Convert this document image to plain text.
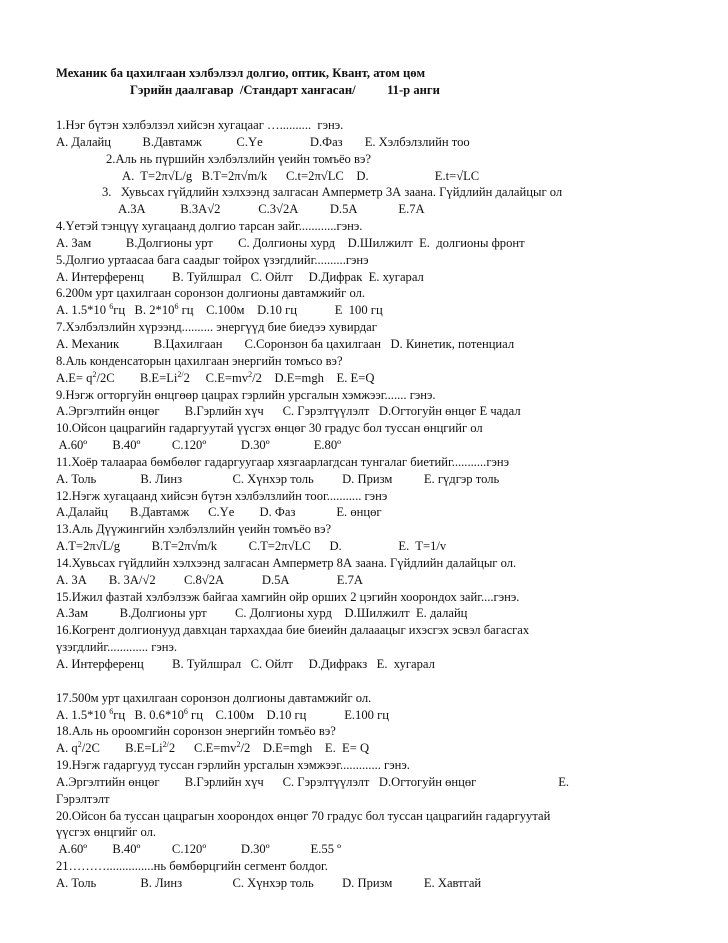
Механик ба цахилгаан хэлбэлзэл долгио, оптик, Квант, атом цөм
Гэрийн даалгавар  /Стандарт хангасан/          11-р анги
1.Нэг бүтэн хэлбэлзэл хийсэн хугацааг …..........  гэнэ.
А. Далайц          В.Давтамж           С.Үе               D.Фаз       Е. Хэлбэлзлийн тоо
2.Аль нь пүршийн хэлбэлзлийн үеийн томъёо вэ?
A.  T=2π√L/g   B.T=2π√m/k      C.t=2π√LC    D.                     E.t=√LC
3.   Хувьсах гүйдлийн хэлхээнд залгасан Амперметр 3А заана. Гүйдлийн далайцыг ол
А.3А           В.3А√2            С.3√2А          D.5А             Е.7А
4.Үетэй тэнцүү хугацаанд долгио тарсан зайг............гэнэ.
А. Зам           В.Долгионы урт        С. Долгионы хурд    D.Шилжилт  Е.  долгионы фронт
5.Долгио уртаасаа бага саадыг тойрох үзэгдлийг..........гэнэ
А. Интерференц         В. Туйлшрал   С. Ойлт     D.Дифрак  Е. хугарал
6.200м урт цахилгаан соронзон долгионы давтамжийг ол.
А. 1.5*10 $^6$гц   В. $2*10^6$ гц    С.100м    D.10 гц            Е  100 гц
7.Хэлбэлзлийн хүрээнд.......... энергүүд бие биедээ хувирдаг
А. Механик           В.Цахилгаан       С.Соронзон ба цахилгаан   D. Кинетик, потенциал
8.Аль конденсаторын цахилгаан энергийн томъсо вэ?
$A.E= q^2/2C$        $B.E=Li^{2/}2$     $C.E=mv^2/2$    D.E=mgh    E. E=Q
9.Нэгж огторгуйн өнцгөөр цацрах гэрлийн урсгалын хэмжээг....... гэнэ.
А.Эргэлтийн өнцөг        В.Гэрлийн хүч      С. Гэрэлтүүлэлт   D.Огтогуйн өнцөг Е чадал
10.Ойсон цацрагийн гадаргуутай үүсгэх өнцөг 30 градус бол туссан өнцгийг ол
A.60º        B.40º          C.120º           D.30º              E.80º
11.Хоёр талаараа бөмбөлөг гадаргуугаар хязгаарлагдсан тунгалаг биетийг...........гэнэ
А. Толь              В. Линз                С. Хүнхэр толь         D. Призм          Е. гүдгэр толь
12.Нэгж хугацаанд хийсэн бүтэн хэлбэлзлийн тоог........... гэнэ
А.Далайц       В.Давтамж      С.Үе        D. Фаз             Е. өнцөг
13.Аль Дүүжингийн хэлбэлзлийн үеийн томъёо вэ?
A.T=2π√L/g          B.T=2π√m/k          C.T=2π√LC      D.                  E.  T=1/v
14.Хувьсах гүйдлийн хэлхээнд залгасан Амперметр 8А заана. Гүйдлийн далайцыг ол.
А. 3А       В. 3А/√2         С.8√2А            D.5А               Е.7А
15.Ижил фазтай хэлбэлзэж байгаа хамгийн ойр орших 2 цэгийн хоорондох зайг....гэнэ.
А.Зам          В.Долгионы урт         С. Долгионы хурд    D.Шилжилт  Е. далайц
16.Когрент долгионууд давхцан тархахдаа бие биеийн далааацыг ихэсгэх эсвэл багасгах
үзэгдлийг............. гэнэ.
А. Интерференц         В. Туйлшрал   С. Ойлт     D.Дифракз   Е.  хугарал
17.500м урт цахилгаан соронзон долгионы давтамжийг ол.
А. 1.5*10 $^6$гц   В. $0.6*10^6$ гц    С.100м    D.10 гц            Е.100 гц
18.Аль нь ороомгийн соронзон энергийн томъёо вэ?
A. $q^2/2C$        $B.E=Li^{2/}2$      $C.E=mv^2/2$    D.E=mgh    E.  E= Q
19.Нэгж гадаргууд туссан гэрлийн урсгалын хэмжээг............. гэнэ.
А.Эргэлтийн өнцөг        В.Гэрлийн хүч      С. Гэрэлтүүлэлт   D.Огтогуйн өнцөг                          Е.
Гэрэлтэлт
20.Ойсон ба туссан цацрагын хоорондох өнцөг 70 градус бол туссан цацрагийн гадаргуутай
үүсгэх өнцгийг ол.
A.60º        B.40º          C.120º           D.30º             E.55 º
21………...............нь бөмбөрцгийн сегмент болдог.
А. Толь              В. Линз                С. Хүнхэр толь         D. Призм          Е. Хавтгай
